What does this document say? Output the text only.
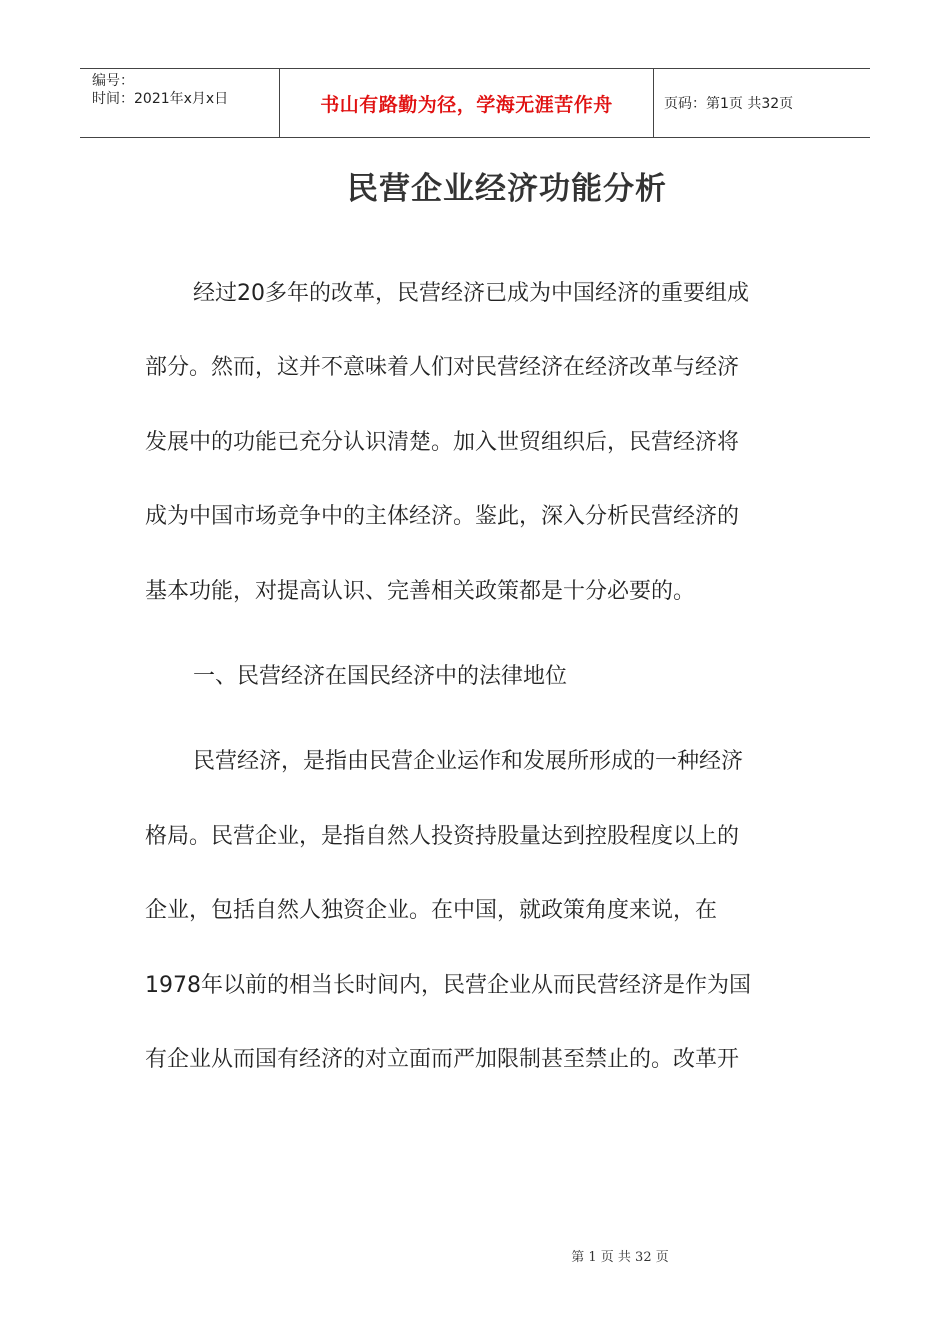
编号：
时间：2021年x月x日	书山有路勤为径，学海无涯苦作舟	页码：第1页 共32页
民营企业经济功能分析
经过20多年的改革，民营经济已成为中国经济的重要组成
部分。然而，这并不意味着人们对民营经济在经济改革与经济
发展中的功能已充分认识清楚。加入世贸组织后，民营经济将
成为中国市场竞争中的主体经济。鉴此，深入分析民营经济的
基本功能，对提高认识、完善相关政策都是十分必要的。
一、民营经济在国民经济中的法律地位
民营经济，是指由民营企业运作和发展所形成的一种经济
格局。民营企业，是指自然人投资持股量达到控股程度以上的
企业，包括自然人独资企业。在中国，就政策角度来说，在
1978年以前的相当长时间内，民营企业从而民营经济是作为国
有企业从而国有经济的对立面而严加限制甚至禁止的。改革开
第 1 页 共 32 页
